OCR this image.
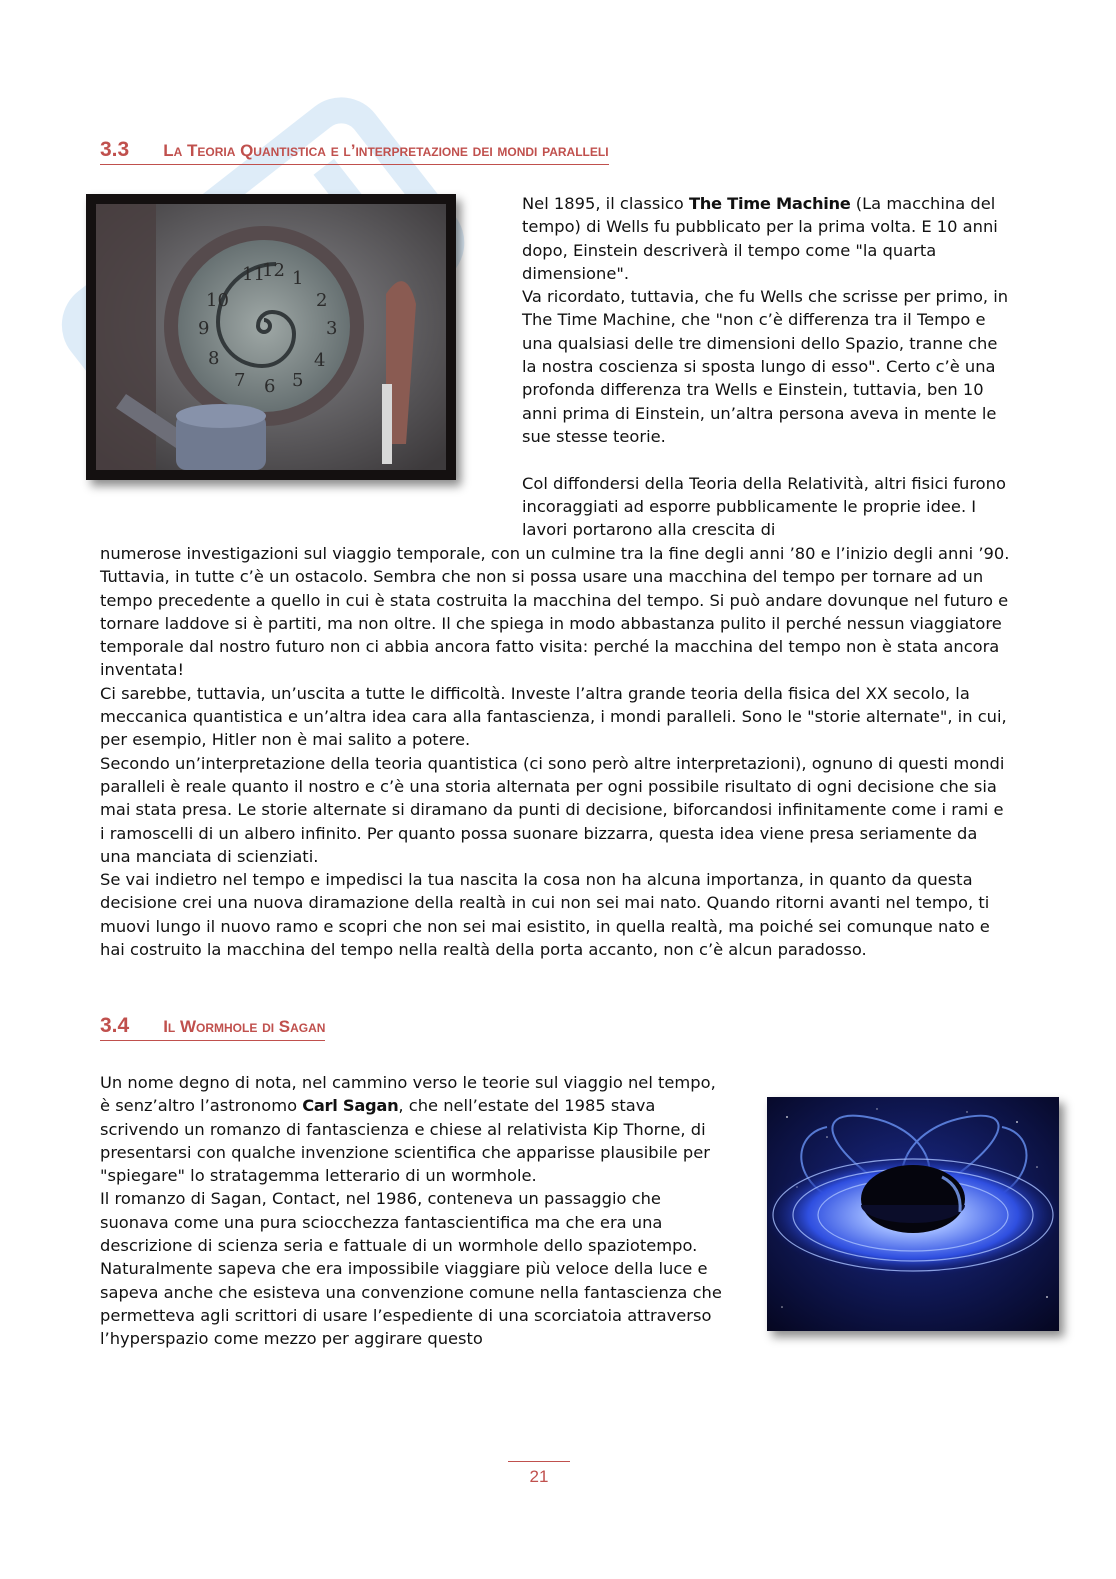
3.3 La Teoria Quantistica e l’interpretazione dei mondi paralleli
11
12 1
10	2
9	3
8
7 6 5
4

Nel 1895, il classico The Time Machine (La macchina del tempo) di Wells fu pubblicato per la prima volta. E 10 anni dopo, Einstein descriverà il tempo come "la quarta dimensione".

Va ricordato, tuttavia, che fu Wells che scrisse per primo, in The Time Machine, che "non c’è differenza tra il Tempo e una qualsiasi delle tre dimensioni dello Spazio, tranne che la nostra coscienza si sposta lungo di esso". Certo c’è una profonda differenza tra Wells e Einstein, tuttavia, ben 10 anni prima di Einstein, un’altra persona aveva in mente le sue stesse teorie.

Col diffondersi della Teoria della Relatività, altri fisici furono incoraggiati ad esporre pubblicamente le proprie idee. I lavori portarono alla crescita di

numerose investigazioni sul viaggio temporale, con un culmine tra la fine degli anni ’80 e l’inizio degli anni ’90. Tuttavia, in tutte c’è un ostacolo. Sembra che non si possa usare una macchina del tempo per tornare ad un tempo precedente a quello in cui è stata costruita la macchina del tempo. Si può andare dovunque nel futuro e tornare laddove si è partiti, ma non oltre. Il che spiega in modo abbastanza pulito il perché nessun viaggiatore temporale dal nostro futuro non ci abbia ancora fatto visita: perché la macchina del tempo non è stata ancora inventata!

Ci sarebbe, tuttavia, un’uscita a tutte le difficoltà. Investe l’altra grande teoria della fisica del XX secolo, la meccanica quantistica e un’altra idea cara alla fantascienza, i mondi paralleli. Sono le "storie alternate", in cui, per esempio, Hitler non è mai salito a potere.

Secondo un’interpretazione della teoria quantistica (ci sono però altre interpretazioni), ognuno di questi mondi paralleli è reale quanto il nostro e c’è una storia alternata per ogni possibile risultato di ogni decisione che sia mai stata presa. Le storie alternate si diramano da punti di decisione, biforcandosi infinitamente come i rami e i ramoscelli di un albero infinito. Per quanto possa suonare bizzarra, questa idea viene presa seriamente da una manciata di scienziati.

Se vai indietro nel tempo e impedisci la tua nascita la cosa non ha alcuna importanza, in quanto da questa decisione crei una nuova diramazione della realtà in cui non sei mai nato. Quando ritorni avanti nel tempo, ti muovi lungo il nuovo ramo e scopri che non sei mai esistito, in quella realtà, ma poiché sei comunque nato e hai costruito la macchina del tempo nella realtà della porta accanto, non c’è alcun paradosso.

3.4 Il Wormhole di Sagan

Un nome degno di nota, nel cammino verso le teorie sul viaggio nel tempo, è senz’altro l’astronomo Carl Sagan, che nell’estate del 1985 stava scrivendo un romanzo di fantascienza e chiese al relativista Kip Thorne, di presentarsi con qualche invenzione scientifica che apparisse plausibile per "spiegare" lo stratagemma letterario di un wormhole.

Il romanzo di Sagan, Contact, nel 1986, conteneva un passaggio che suonava come una pura sciocchezza fantascientifica ma che era una descrizione di scienza seria e fattuale di un wormhole dello spaziotempo.

Naturalmente sapeva che era impossibile viaggiare più veloce della luce e sapeva anche che esisteva una convenzione comune nella fantascienza che permetteva agli scrittori di usare l’espediente di una scorciatoia attraverso l’hyperspazio come mezzo per aggirare questo

21
